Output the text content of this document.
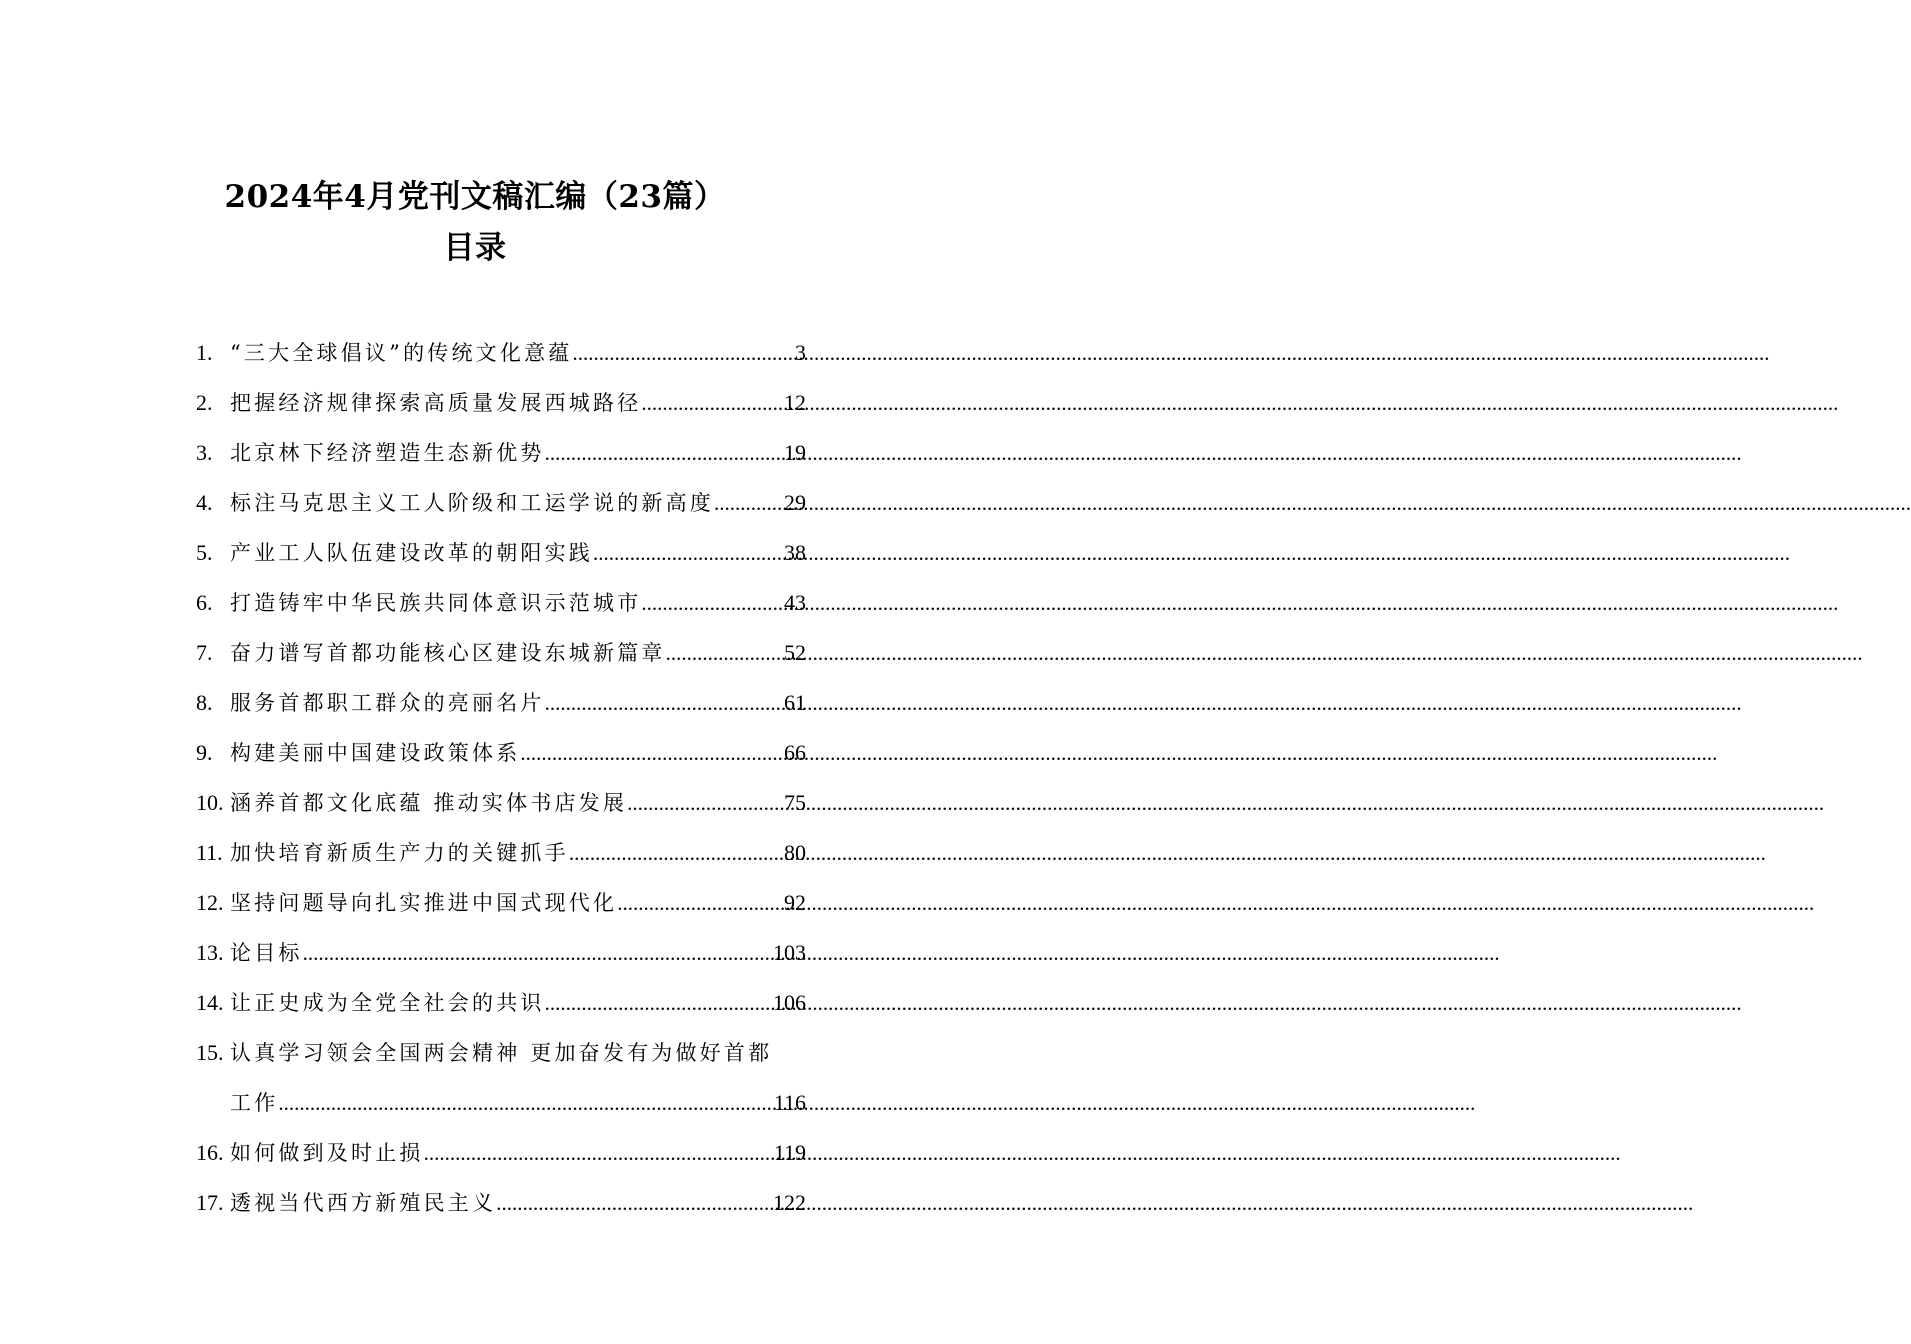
2024年4月党刊文稿汇编（23篇）
目录
1. “三大全球倡议”的传统文化意蕴 .....	3
2. 把握经济规律探索高质量发展西城路径 .....	12
3. 北京林下经济塑造生态新优势 .....	19
4. 标注马克思主义工人阶级和工运学说的新高度 .....	29
5. 产业工人队伍建设改革的朝阳实践 .....	38
6. 打造铸牢中华民族共同体意识示范城市 .....	43
7. 奋力谱写首都功能核心区建设东城新篇章 .....	52
8. 服务首都职工群众的亮丽名片 .....	61
9. 构建美丽中国建设政策体系 .....	66
10. 涵养首都文化底蕴 推动实体书店发展 .....	75
11. 加快培育新质生产力的关键抓手 .....	80
12. 坚持问题导向扎实推进中国式现代化 .....	92
13. 论目标 .....	103
14. 让正史成为全党全社会的共识 .....	106
15. 认真学习领会全国两会精神 更加奋发有为做好首都
工作 .....	116
16. 如何做到及时止损 .....	119
17. 透视当代西方新殖民主义 .....	122
